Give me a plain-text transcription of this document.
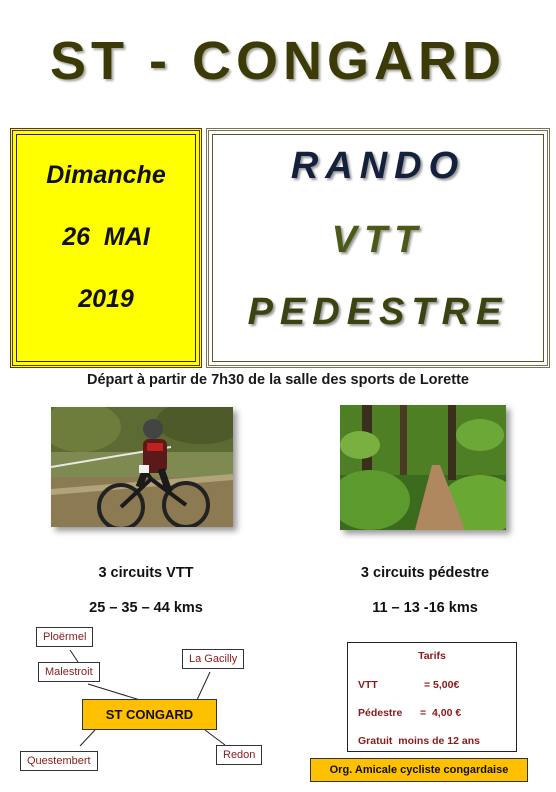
ST - CONGARD
Dimanche
26  MAI
2019
RANDO
VTT
PEDESTRE
Départ à partir de 7h30 de la salle des sports de Lorette
3 circuits VTT
25 – 35 – 44 kms
3 circuits pédestre
11 – 13 -16 kms
Ploërmel
Malestroit
La Gacilly
Questembert	Redon
ST CONGARD
Tarifs
VTT	= 5,00€
Pédestre =  4,00 €
Gratuit  moins de 12 ans
Org. Amicale cycliste congardaise
